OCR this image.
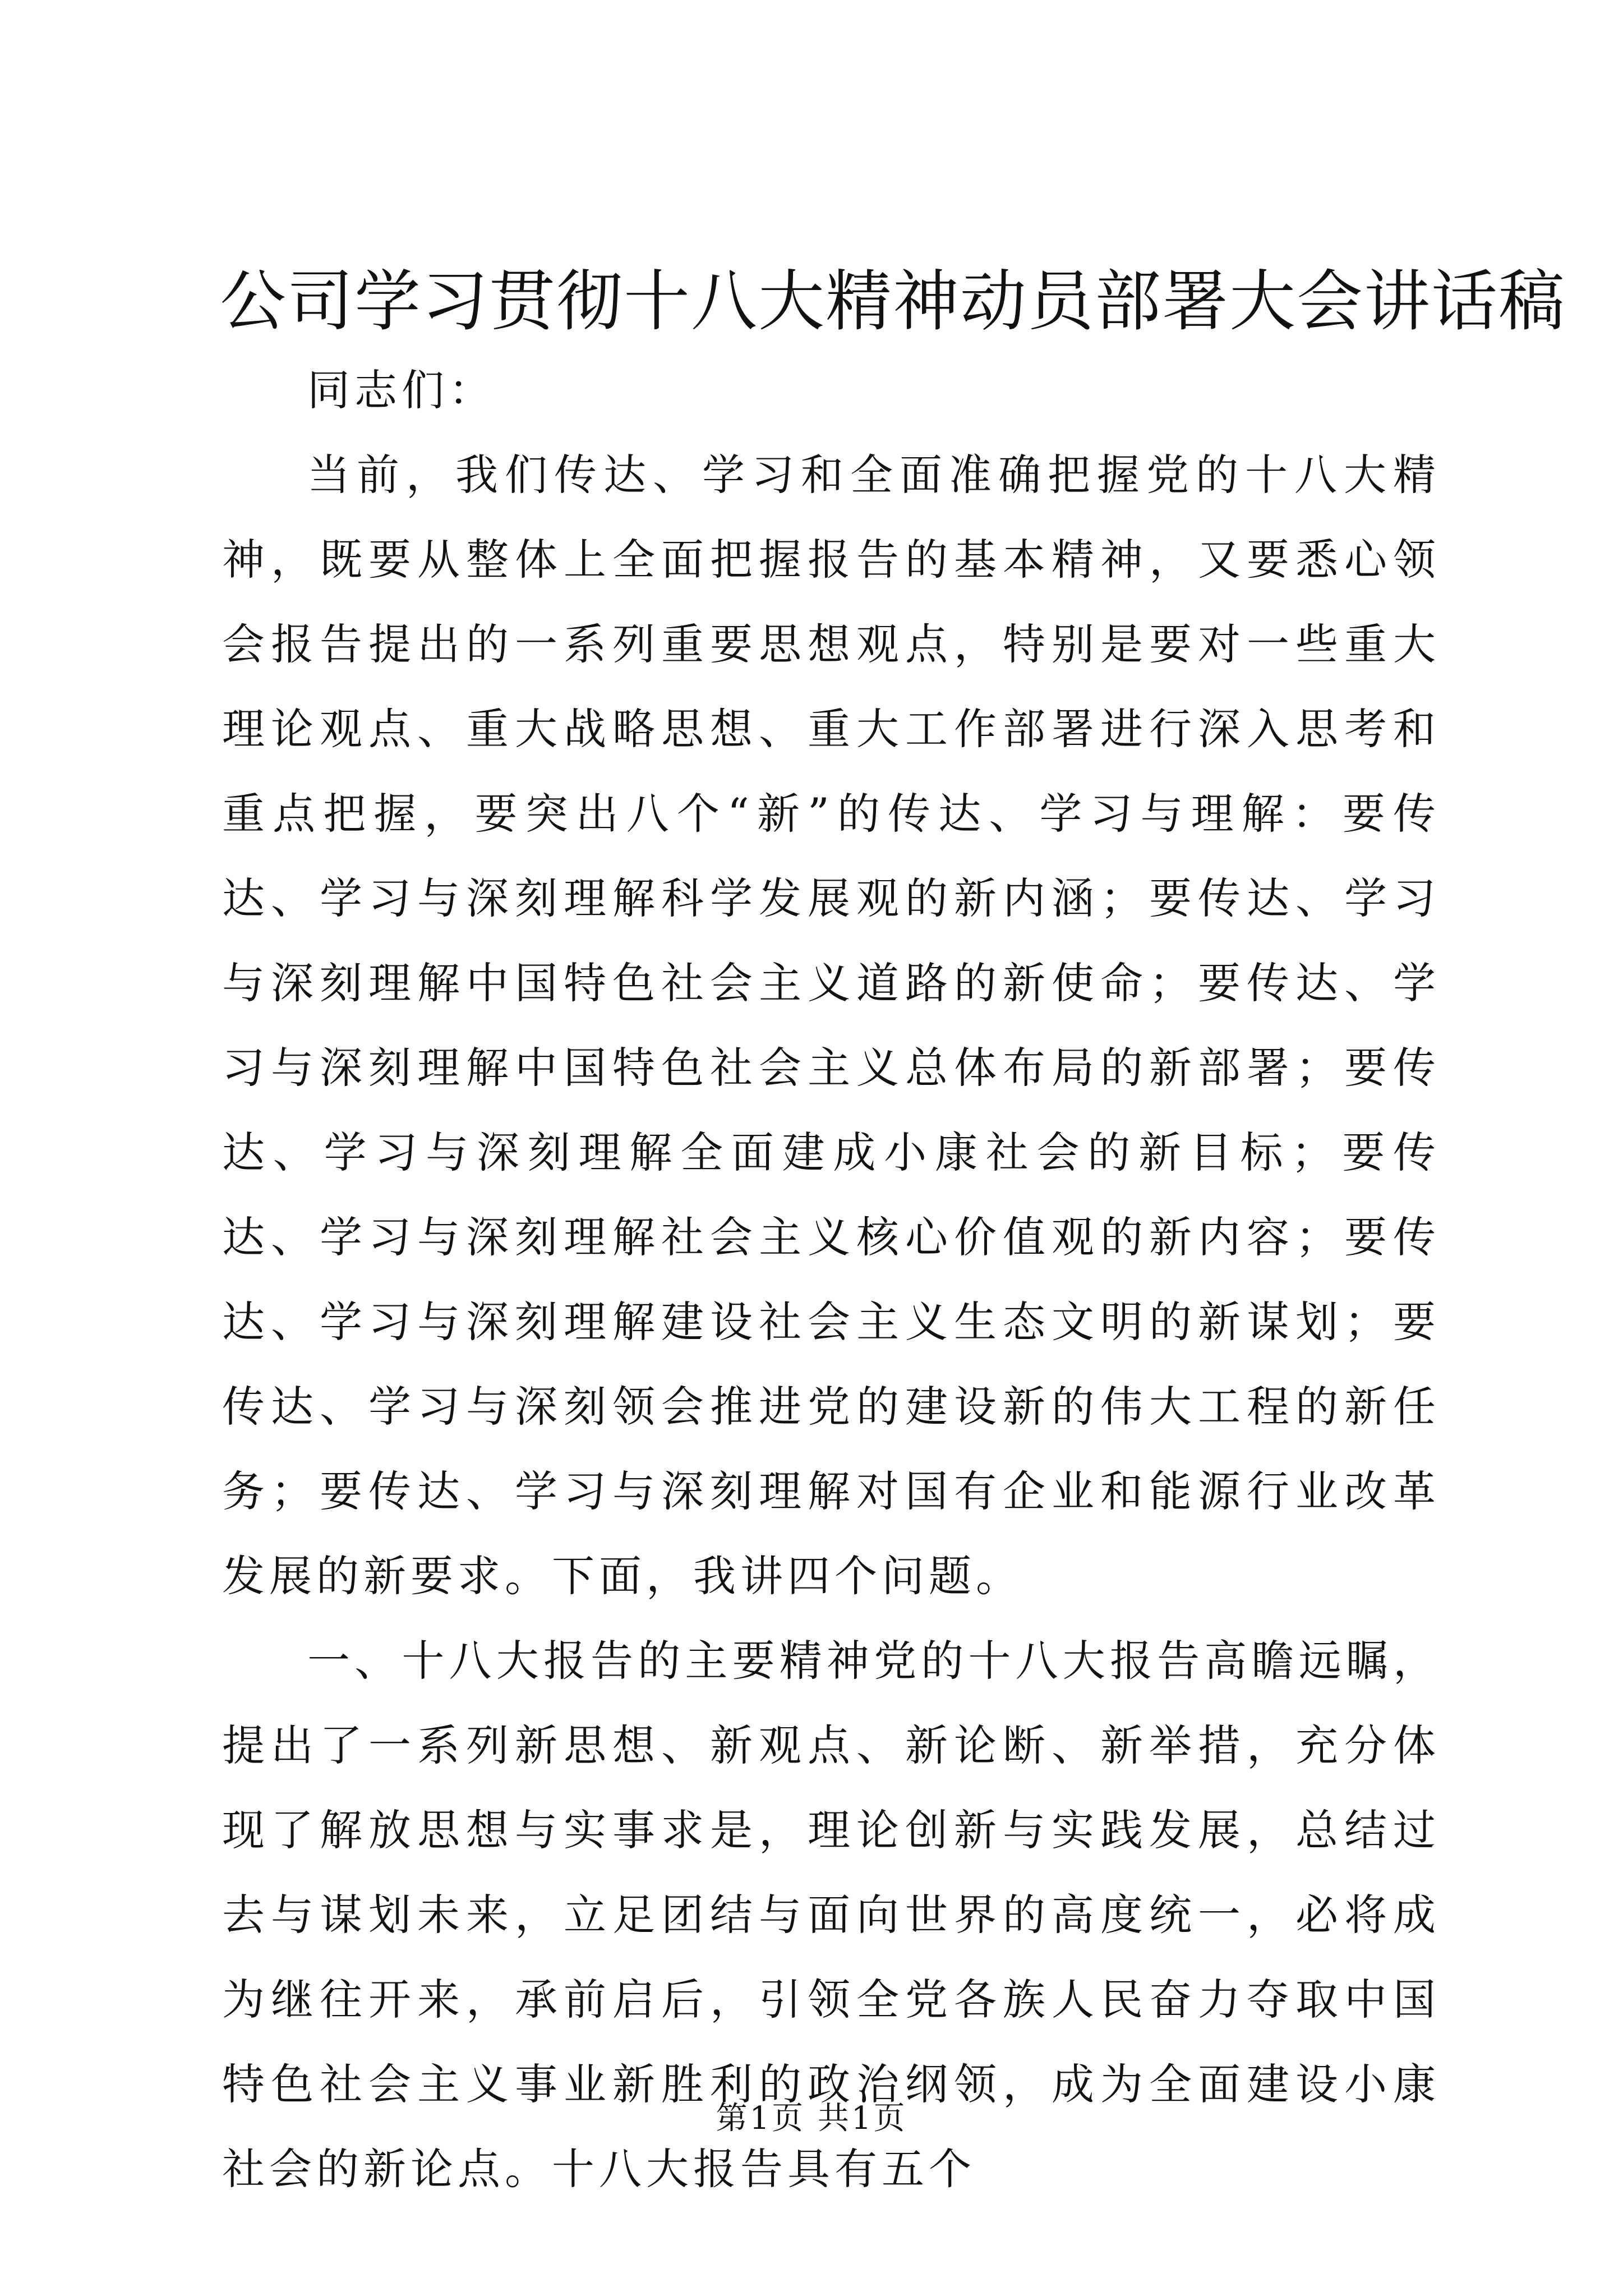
公司学习贯彻十八大精神动员部署大会讲话稿

同志们：

当前，我们传达、学习和全面准确把握党的十八大精神，既要从整体上全面把握报告的基本精神，又要悉心领会报告提出的一系列重要思想观点，特别是要对一些重大理论观点、重大战略思想、重大工作部署进行深入思考和重点把握，要突出八个“新”的传达、学习与理解：要传达、学习与深刻理解科学发展观的新内涵；要传达、学习与深刻理解中国特色社会主义道路的新使命；要传达、学习与深刻理解中国特色社会主义总体布局的新部署；要传达、学习与深刻理解全面建成小康社会的新目标；要传达、学习与深刻理解社会主义核心价值观的新内容；要传达、学习与深刻理解建设社会主义生态文明的新谋划；要传达、学习与深刻领会推进党的建设新的伟大工程的新任务；要传达、学习与深刻理解对国有企业和能源行业改革发展的新要求。下面，我讲四个问题。

一、十八大报告的主要精神党的十八大报告高瞻远瞩，提出了一系列新思想、新观点、新论断、新举措，充分体现了解放思想与实事求是，理论创新与实践发展，总结过去与谋划未来，立足团结与面向世界的高度统一，必将成为继往开来，承前启后，引领全党各族人民奋力夺取中国特色社会主义事业新胜利的政治纲领，成为全面建设小康社会的新论点。十八大报告具有五个

第1页 共1页
